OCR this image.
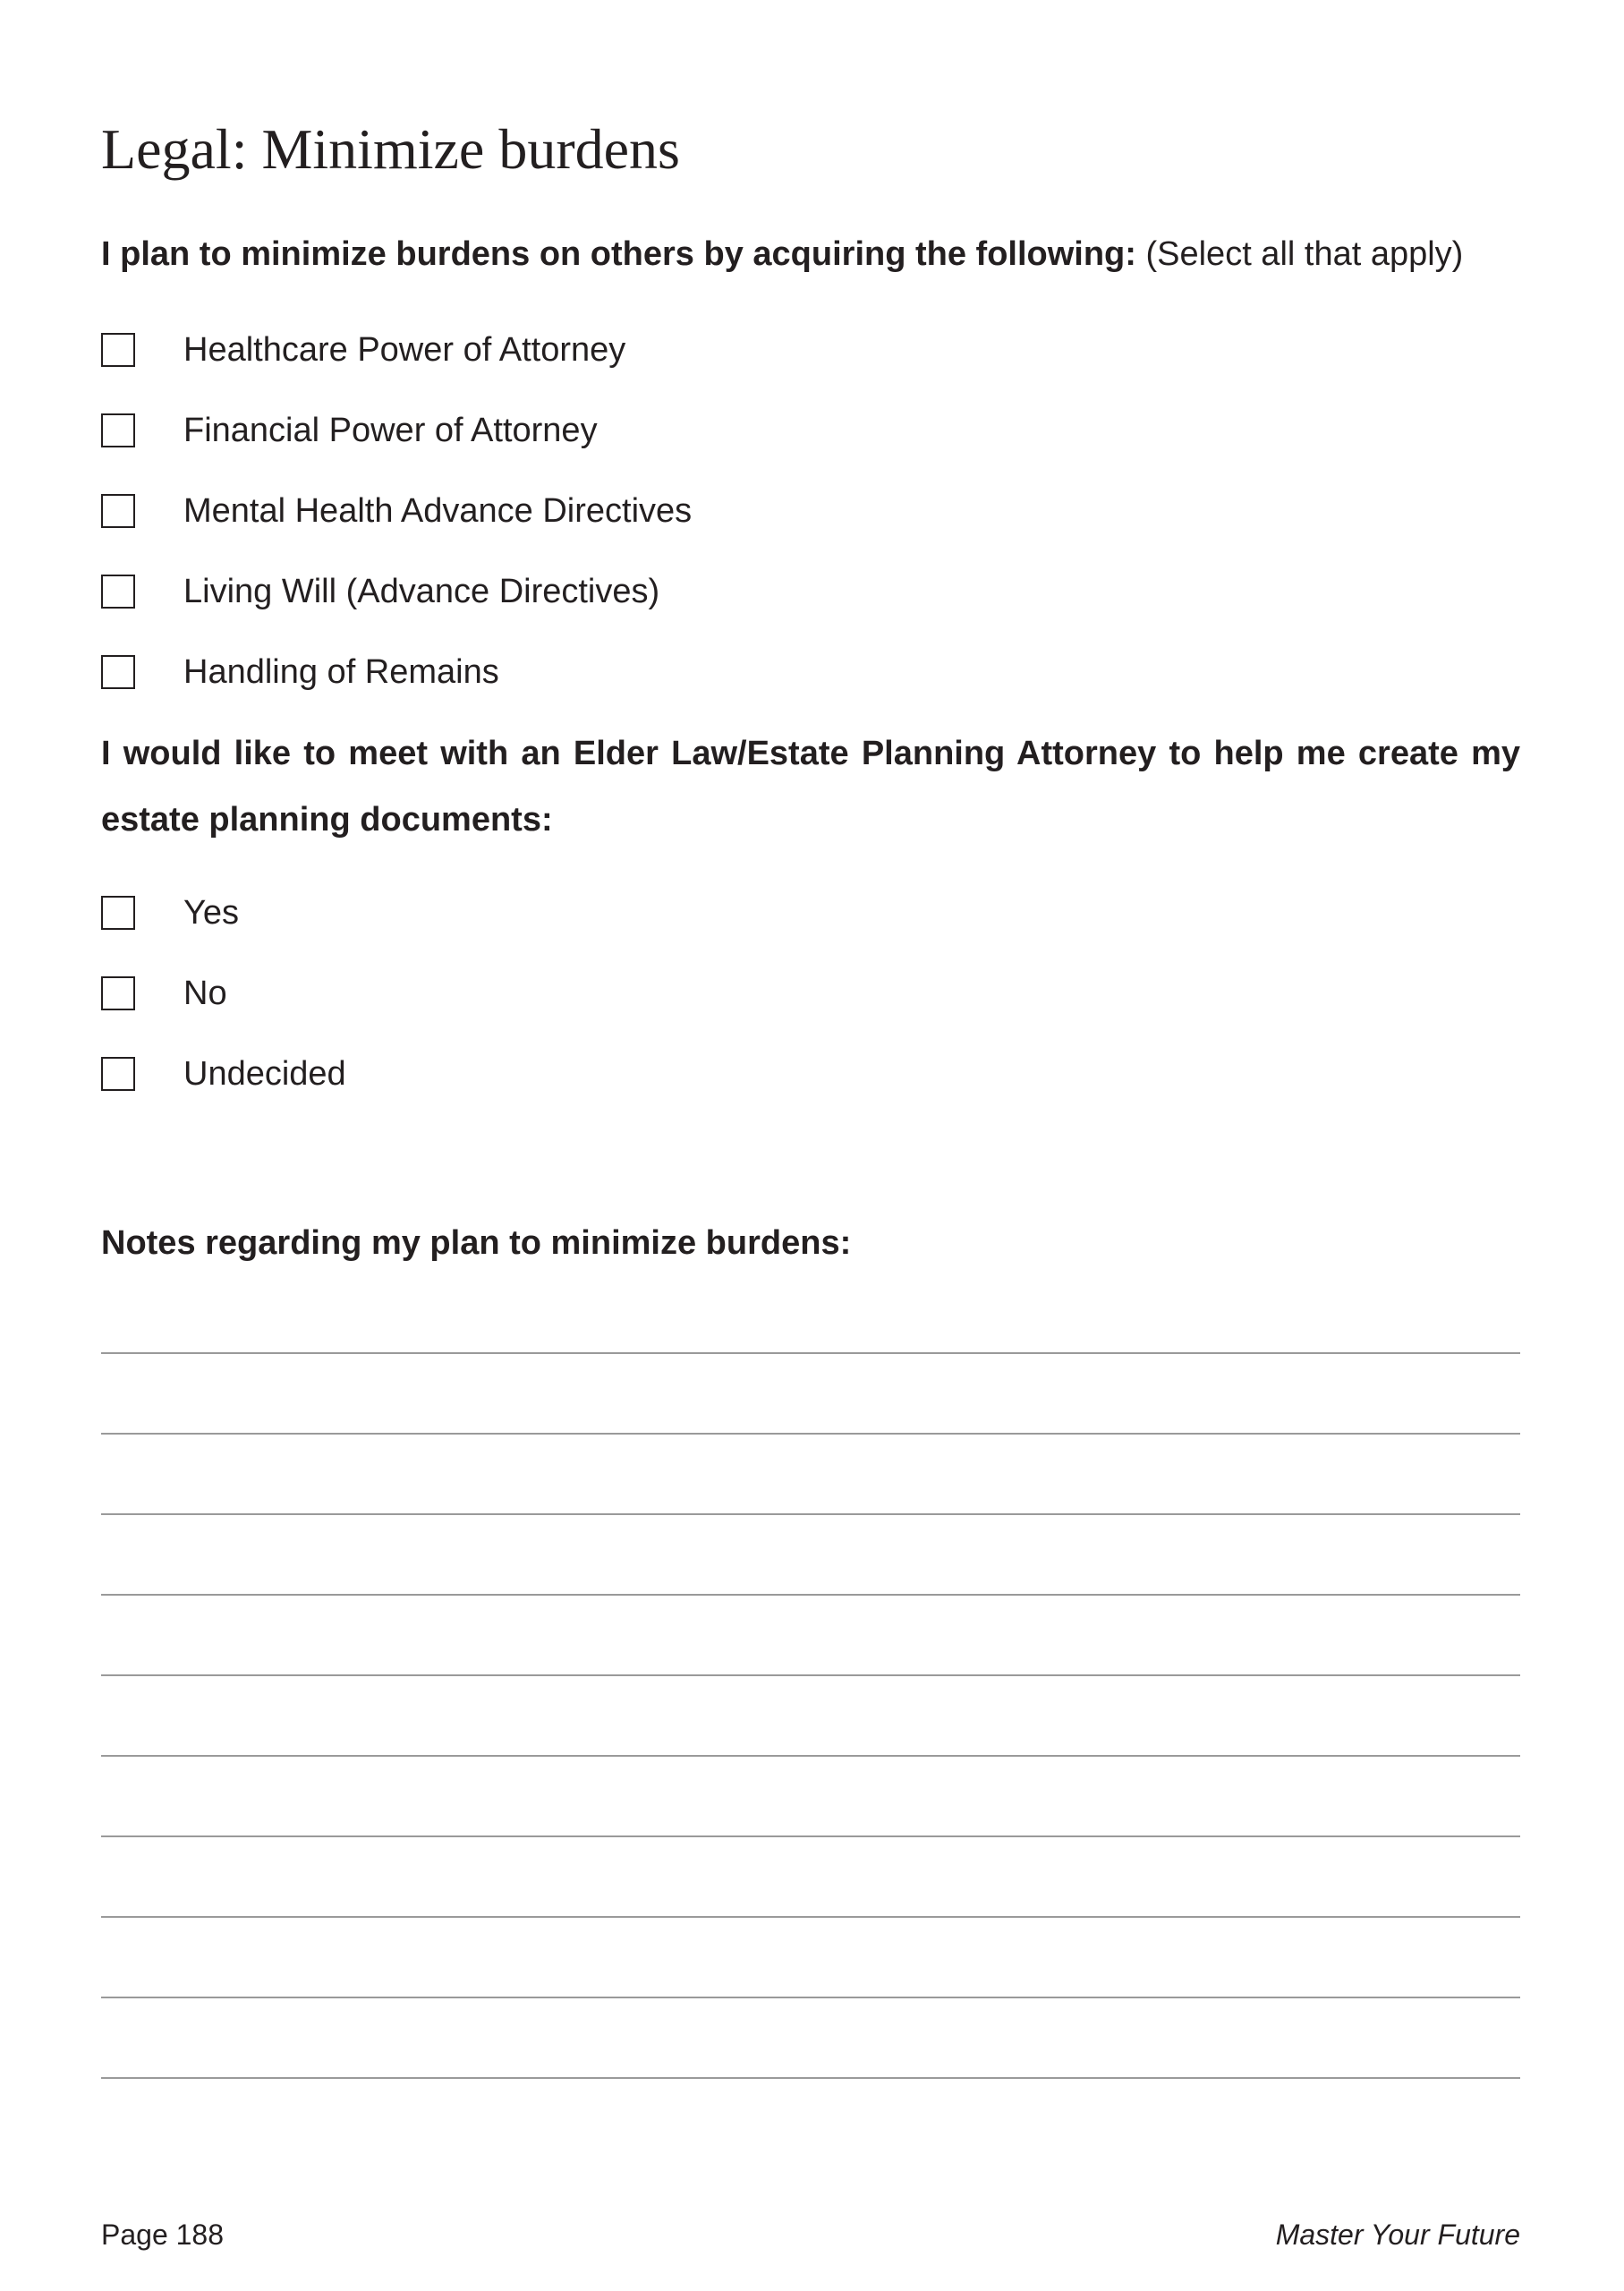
Legal: Minimize burdens
I plan to minimize burdens on others by acquiring the following: (Select all that apply)
Healthcare Power of Attorney
Financial Power of Attorney
Mental Health Advance Directives
Living Will (Advance Directives)
Handling of Remains

I would like to meet with an Elder Law/Estate Planning Attorney to help me create my estate planning documents:

Yes
No
Undecided
Notes regarding my plan to minimize burdens:
Page 188	Master Your Future
